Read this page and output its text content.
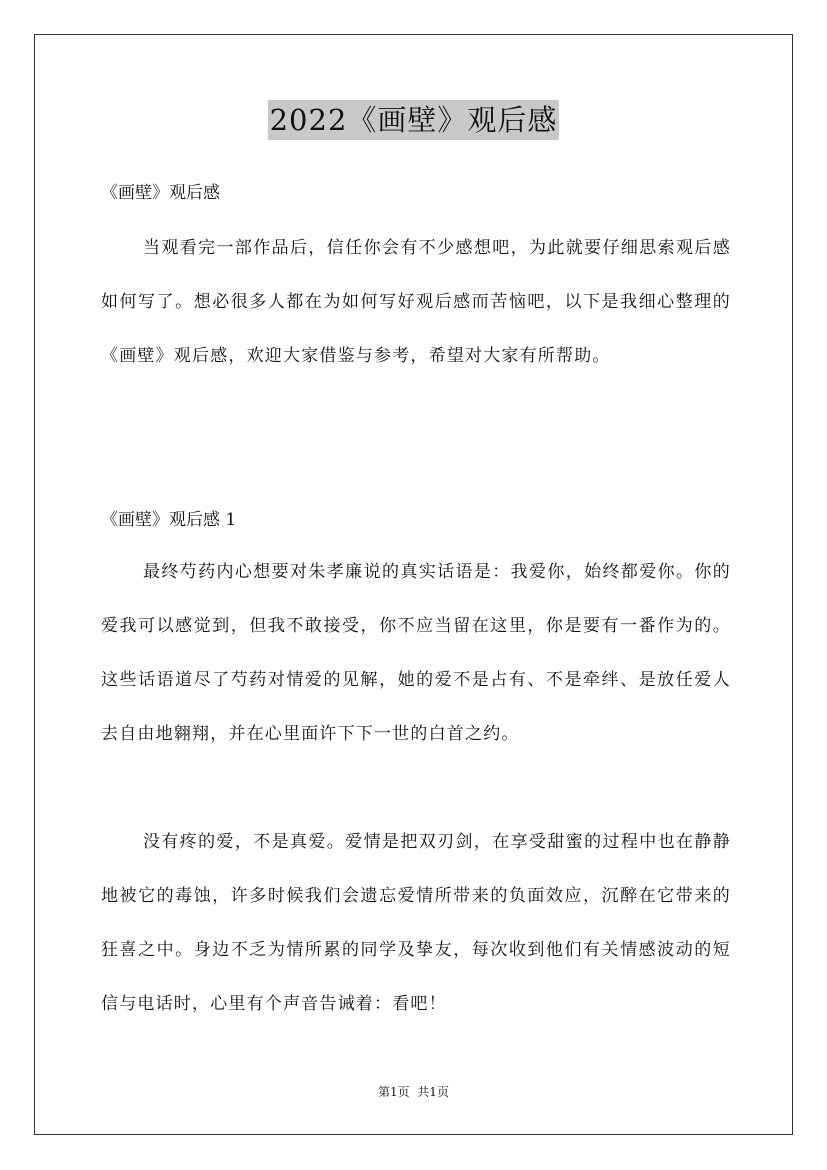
2022《画壁》观后感
《画壁》观后感

当观看完一部作品后，信任你会有不少感想吧，为此就要仔细思索观后感如何写了。想必很多人都在为如何写好观后感而苦恼吧，以下是我细心整理的《画壁》观后感，欢迎大家借鉴与参考，希望对大家有所帮助。

《画壁》观后感 1

最终芍药内心想要对朱孝廉说的真实话语是：我爱你，始终都爱你。你的爱我可以感觉到，但我不敢接受，你不应当留在这里，你是要有一番作为的。这些话语道尽了芍药对情爱的见解，她的爱不是占有、不是牵绊、是放任爱人去自由地翱翔，并在心里面许下下一世的白首之约。

没有疼的爱，不是真爱。爱情是把双刃剑，在享受甜蜜的过程中也在静静地被它的毒蚀，许多时候我们会遗忘爱情所带来的负面效应，沉醉在它带来的狂喜之中。身边不乏为情所累的同学及挚友，每次收到他们有关情感波动的短信与电话时，心里有个声音告诫着：看吧！

第1页  共1页
